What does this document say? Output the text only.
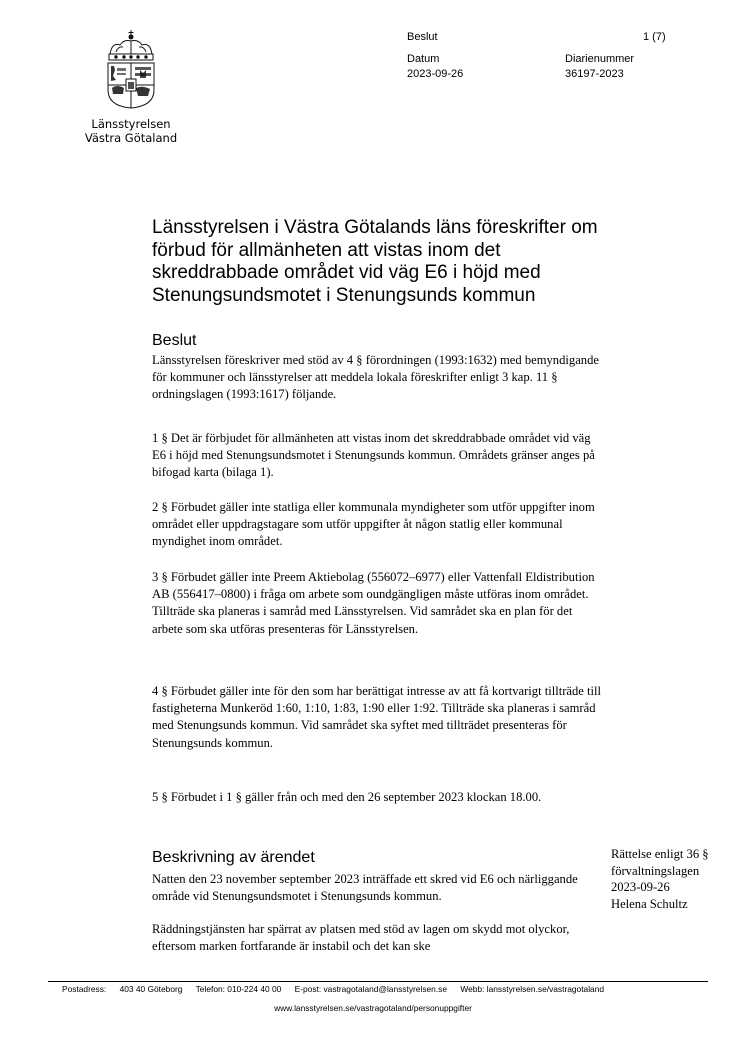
Länsstyrelsen
Västra Götaland
Beslut	1 (7)
Datum	Diarienummer
2023-09-26	36197-2023
Länsstyrelsen i Västra Götalands läns föreskrifter om förbud för allmänheten att vistas inom det skreddrabbade området vid väg E6 i höjd med Stenungsundsmotet i Stenungsunds kommun
Beslut

Länsstyrelsen föreskriver med stöd av 4 § förordningen (1993:1632) med bemyndigande för kommuner och länsstyrelser att meddela lokala föreskrifter enligt 3 kap. 11 § ordningslagen (1993:1617) följande.

1 § Det är förbjudet för allmänheten att vistas inom det skreddrabbade området vid väg E6 i höjd med Stenungsundsmotet i Stenungsunds kommun. Områdets gränser anges på bifogad karta (bilaga 1).

2 § Förbudet gäller inte statliga eller kommunala myndigheter som utför uppgifter inom området eller uppdragstagare som utför uppgifter åt någon statlig eller kommunal myndighet inom området.

3 § Förbudet gäller inte Preem Aktiebolag (556072–6977) eller Vattenfall Eldistribution AB (556417–0800) i fråga om arbete som oundgängligen måste utföras inom området. Tillträde ska planeras i samråd med Länsstyrelsen. Vid samrådet ska en plan för det arbete som ska utföras presenteras för Länsstyrelsen.

4 § Förbudet gäller inte för den som har berättigat intresse av att få kortvarigt tillträde till fastigheterna Munkeröd 1:60, 1:10, 1:83, 1:90 eller 1:92. Tillträde ska planeras i samråd med Stenungsunds kommun. Vid samrådet ska syftet med tillträdet presenteras för Stenungsunds kommun.

5 § Förbudet i 1 § gäller från och med den 26 september 2023 klockan 18.00.

Beskrivning av ärendet

Natten den 23 november september 2023 inträffade ett skred vid E6 och närliggande område vid Stenungsundsmotet i Stenungsunds kommun.

Räddningstjänsten har spärrat av platsen med stöd av lagen om skydd mot olyckor, eftersom marken fortfarande är instabil och det kan ske

Rättelse enligt 36 §
förvaltningslagen
2023-09-26
Helena Schultz
Postadress: 403 40 Göteborg Telefon: 010-224 40 00 E-post: vastragotaland@lansstyrelsen.se Webb: lansstyrelsen.se/vastragotaland
www.lansstyrelsen.se/vastragotaland/personuppgifter
